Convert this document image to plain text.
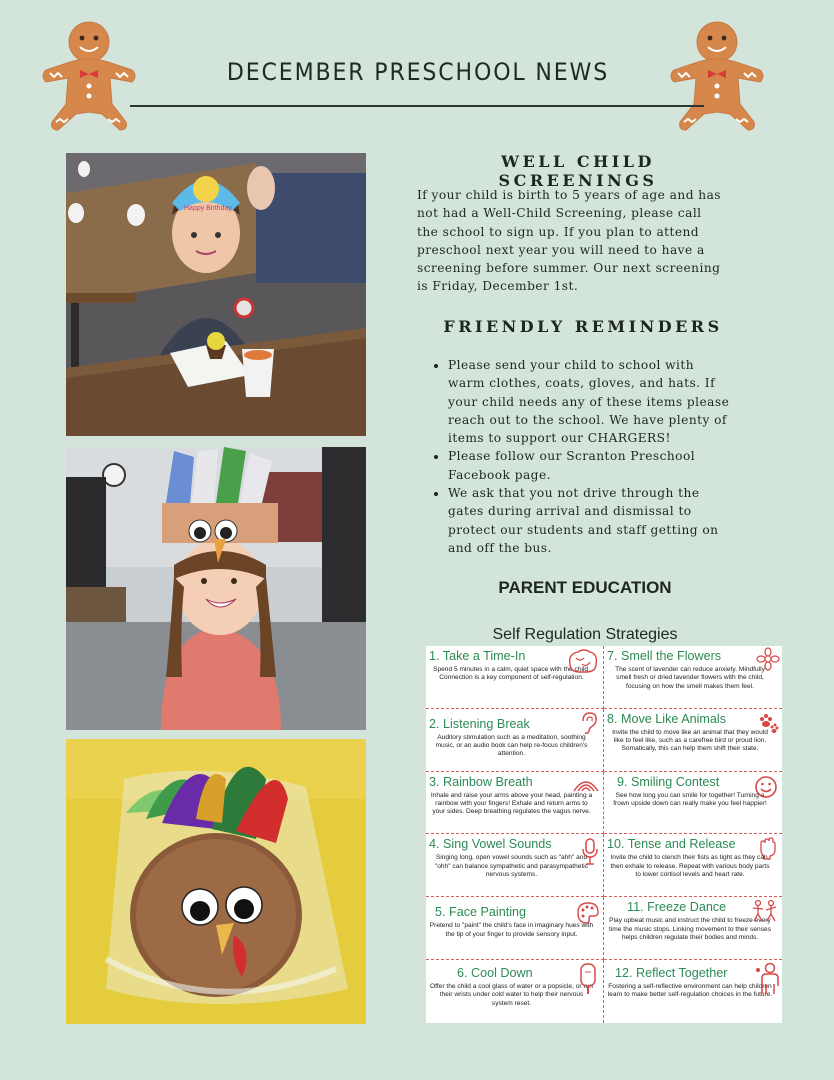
DECEMBER PRESCHOOL NEWS
Happy Birthday
WELL CHILD SCREENINGS

If your child is birth to 5 years of age and has
not had a Well-Child Screening, please call
the school to sign up. If you plan to attend
preschool next year you will need to have a
screening before summer. Our next screening
is Friday, December 1st.

FRIENDLY REMINDERS
• Please send your child to school with
warm clothes, coats, gloves, and hats. If
your child needs any of these items please
reach out to the school. We have plenty of
items to support our CHARGERS!
• Please follow our Scranton Preschool
Facebook page.
• We ask that you not drive through the
gates during arrival and dismissal to
protect our students and staff getting on
and off the bus.
PARENT EDUCATION
Self Regulation Strategies
1. Take a Time-In
Spend 5 minutes in a calm, quiet space with the child. Connection is a key component of self-regulation.
7. Smell the Flowers
The scent of lavender can reduce anxiety. Mindfully smell fresh or dried lavender flowers with the child, focusing on how the smell makes them feel.
2. Listening Break
Auditory stimulation such as a meditation, soothing music, or an audio book can help re-focus children's attention.
8. Move Like Animals
Invite the child to move like an animal that they would like to feel like, such as a carefree bird or proud lion. Somatically, this can help them shift their state.
3. Rainbow Breath
Inhale and raise your arms above your head, painting a rainbow with your fingers! Exhale and return arms to your sides. Deep breathing regulates the vagus nerve.
9. Smiling Contest
See how long you can smile for together! Turning a frown upside down can really make you feel happier!
4. Sing Vowel Sounds
Singing long, open vowel sounds such as "ahh" and "ohh" can balance sympathetic and parasympathetic nervous systems.
10. Tense and Release
Invite the child to clench their fists as tight as they can, then exhale to release. Repeat with various body parts to lower cortisol levels and heart rate.
5. Face Painting
Pretend to "paint" the child's face in imaginary hues with the tip of your finger to provide sensory input.
11. Freeze Dance
Play upbeat music and instruct the child to freeze every time the music stops. Linking movement to their senses helps children regulate their bodies and minds.
6. Cool Down
Offer the child a cool glass of water or a popsicle, or run their wrists under cold water to help their nervous system reset.
12. Reflect Together
Fostering a self-reflective environment can help children learn to make better self-regulation choices in the future.
